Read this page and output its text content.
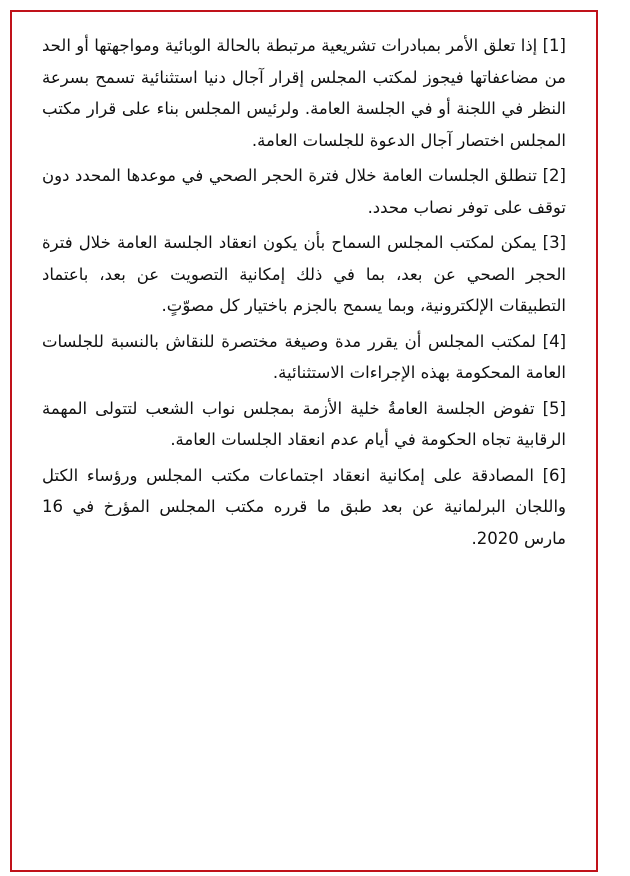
[1] إذا تعلق الأمر بمبادرات تشريعية مرتبطة بالحالة الوبائية ومواجهتها أو الحد من مضاعفاتها فيجوز لمكتب المجلس إقرار آجال دنيا استثنائية تسمح بسرعة النظر في اللجنة أو في الجلسة العامة. ولرئيس المجلس بناء على قرار مكتب المجلس اختصار آجال الدعوة للجلسات العامة.

[2] تنطلق الجلسات العامة خلال فترة الحجر الصحي في موعدها المحدد دون توقف على توفر نصاب محدد.

[3] يمكن لمكتب المجلس السماح بأن يكون انعقاد الجلسة العامة خلال فترة الحجر الصحي عن بعد، بما في ذلك إمكانية التصويت عن بعد، باعتماد التطبيقات الإلكترونية، وبما يسمح بالجزم باختيار كل مصوّتٍ.

[4] لمكتب المجلس أن يقرر مدة وصيغة مختصرة للنقاش بالنسبة للجلسات العامة المحكومة بهذه الإجراءات الاستثنائية.

[5] تفوض الجلسة العامةُ خلية الأزمة بمجلس نواب الشعب لتتولى المهمة الرقابية تجاه الحكومة في أيام عدم انعقاد الجلسات العامة.

[6] المصادقة على إمكانية انعقاد اجتماعات مكتب المجلس ورؤساء الكتل واللجان البرلمانية عن بعد طبق ما قرره مكتب المجلس المؤرخ في 16 مارس 2020.
